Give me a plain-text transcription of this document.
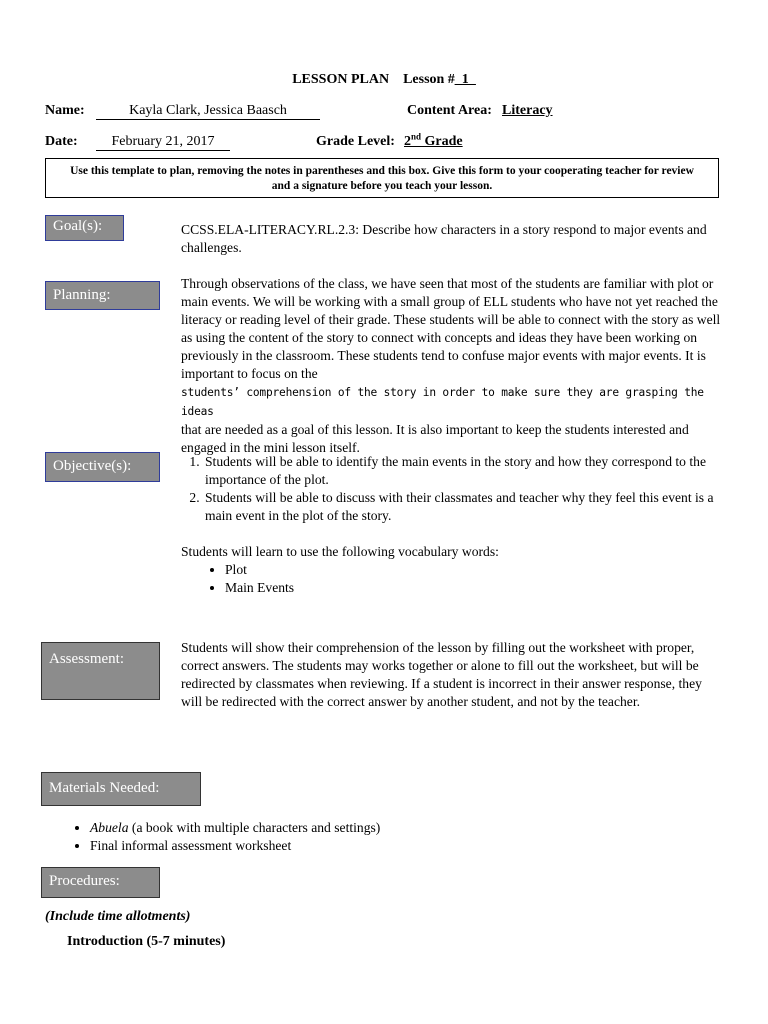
LESSON PLAN Lesson #_1_
Name:	Kayla Clark, Jessica Baasch	Content Area: Literacy
Date:	February 21, 2017	Grade Level: 2nd Grade
Use this template to plan, removing the notes in parentheses and this box. Give this form to your cooperating teacher for review and a signature before you teach your lesson.
Goal(s):	CCSS.ELA-LITERACY.RL.2.3: Describe how characters in a story respond to major events and challenges.
Planning:

Through observations of the class, we have seen that most of the students are familiar with plot or main events. We will be working with a small group of ELL students who have not yet reached the literacy or reading level of their grade. These students will be able to connect with the story as well as using the content of the story to connect with concepts and ideas they have been working on previously in the classroom. These students tend to confuse major events with major events. It is important to focus on the
students’ comprehension of the story in order to make sure they are grasping the ideas
that are needed as a goal of this lesson. It is also important to keep the students interested and engaged in the mini lesson itself.

Objective(s):
1.	Students will be able to identify the main events in the story and how they correspond to the importance of the plot.
2. Students will be able to discuss with their classmates and teacher why they feel this event is a main event in the plot of the story.

Students will learn to use the following vocabulary words:

• Plot
• Main Events
Assessment:
Students will show their comprehension of the lesson by filling out the worksheet with proper, correct answers. The students may works together or alone to fill out the worksheet, but will be redirected by classmates when reviewing. If a student is incorrect in their answer response, they will be redirected with the correct answer by another student, and not by the teacher.
Materials Needed:
• Abuela (a book with multiple characters and settings)
• Final informal assessment worksheet
Procedures:
(Include time allotments)
Introduction (5-7 minutes)
